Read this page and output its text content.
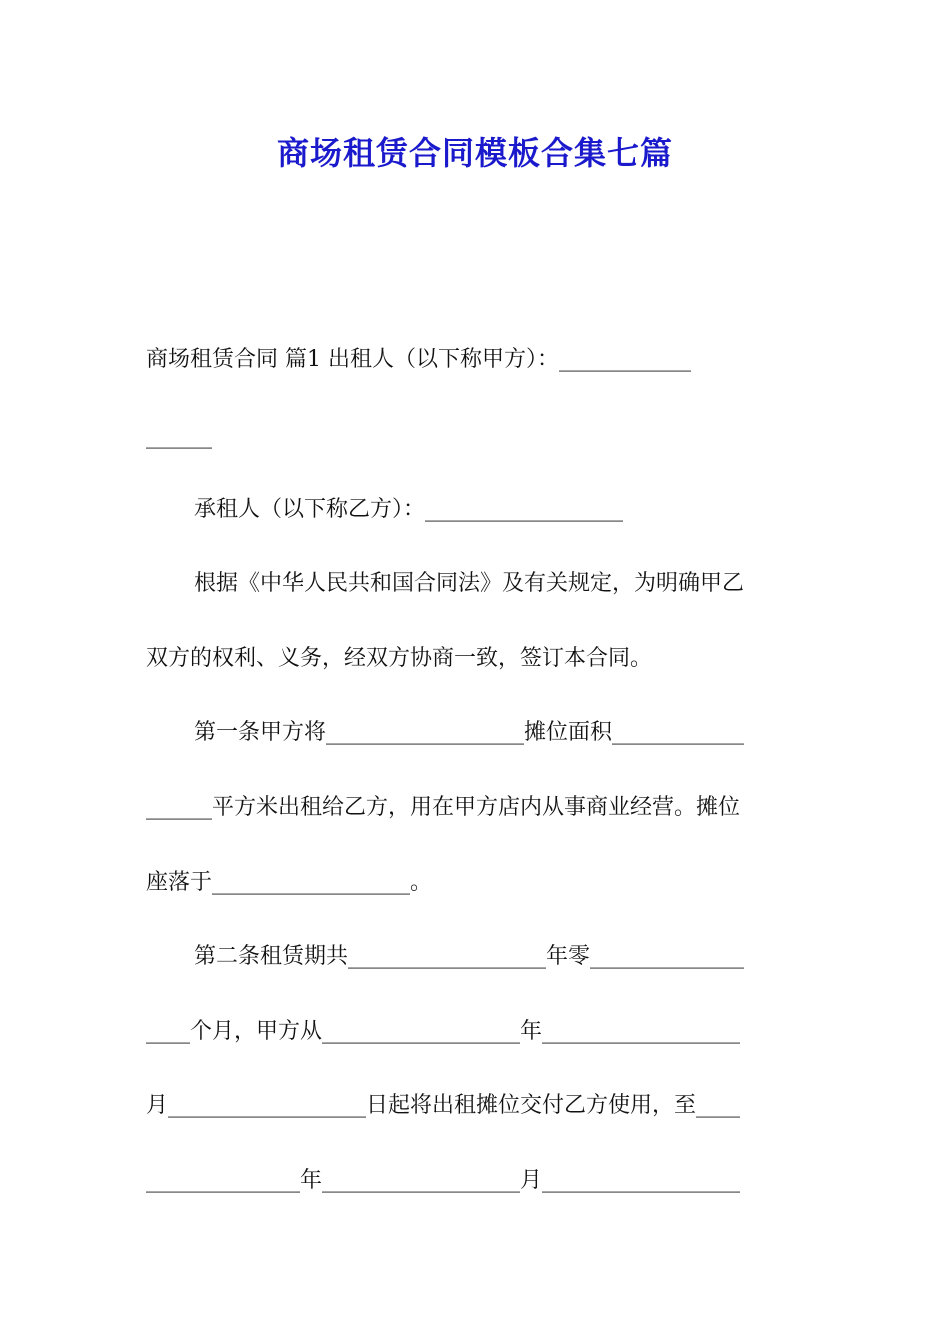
商场租赁合同模板合集七篇
商场租赁合同 篇1 出租人（以下称甲方）：____________
______
承租人（以下称乙方）：__________________
根据《中华人民共和国合同法》及有关规定，为明确甲乙
双方的权利、义务，经双方协商一致，签订本合同。
第一条甲方将__________________摊位面积____________
______平方米出租给乙方，用在甲方店内从事商业经营。摊位
座落于__________________。
第二条租赁期共__________________年零______________
____个月，甲方从__________________年__________________
月__________________日起将出租摊位交付乙方使用，至____
______________年__________________月__________________
